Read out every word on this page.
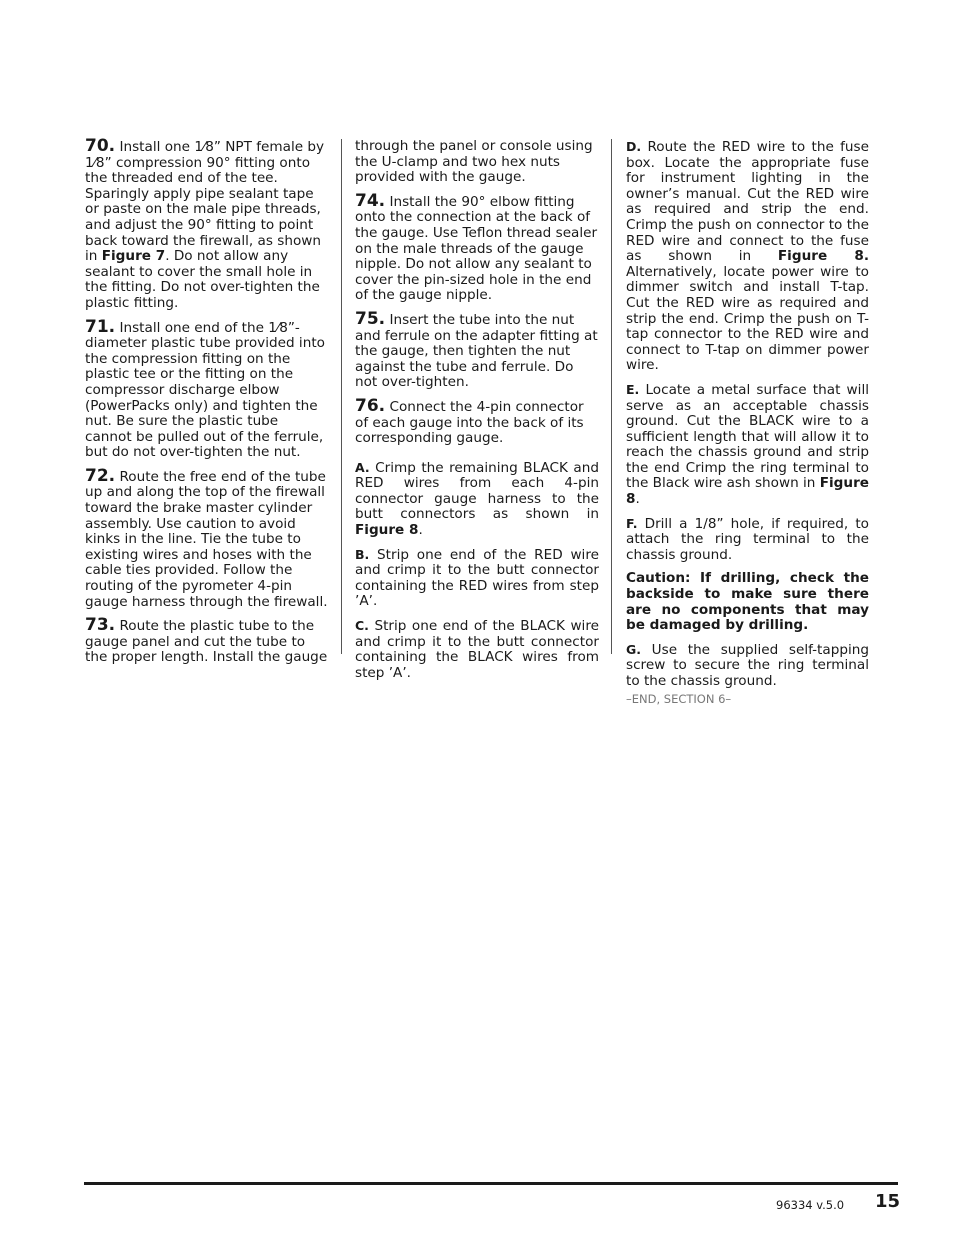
70. Install one 1⁄8” NPT female by 1⁄8” compression 90° fitting onto the threaded end of the tee. Sparingly apply pipe sealant tape or paste on the male pipe threads, and adjust the 90° fitting to point back toward the firewall, as shown in Figure 7. Do not allow any sealant to cover the small hole in the fitting. Do not over-tighten the plastic fitting.

71. Install one end of the 1⁄8”-diameter plastic tube provided into the compression fitting on the plastic tee or the fitting on the compressor discharge elbow (PowerPacks only) and tighten the nut. Be sure the plastic tube cannot be pulled out of the ferrule, but do not over-tighten the nut.

72. Route the free end of the tube up and along the top of the firewall toward the brake master cylinder assembly. Use caution to avoid kinks in the line. Tie the tube to existing wires and hoses with the cable ties provided. Follow the routing of the pyrometer 4-pin gauge harness through the firewall.

73. Route the plastic tube to the gauge panel and cut the tube to the proper length. Install the gauge

through the panel or console using the U-clamp and two hex nuts provided with the gauge.

74. Install the 90° elbow fitting onto the connection at the back of the gauge. Use Teflon thread sealer on the male threads of the gauge nipple. Do not allow any sealant to cover the pin-sized hole in the end of the gauge nipple.

75. Insert the tube into the nut and ferrule on the adapter fitting at the gauge, then tighten the nut against the tube and ferrule. Do not over-tighten.

76. Connect the 4-pin connector of each gauge into the back of its corresponding gauge.

A. Crimp the remaining BLACK and RED wires from each 4-pin connector gauge harness to the butt connectors as shown in Figure 8.

B. Strip one end of the RED wire and crimp it to the butt connector containing the RED wires from step ’A’.

C. Strip one end of the BLACK wire and crimp it to the butt connector containing the BLACK wires from step ’A’.

D. Route the RED wire to the fuse box. Locate the appropriate fuse for instrument lighting in the owner’s manual. Cut the RED wire as required and strip the end. Crimp the push on connector to the RED wire and connect to the fuse as shown in Figure 8. Alternatively, locate power wire to dimmer switch and install T-tap. Cut the RED wire as required and strip the end. Crimp the push on T-tap connector to the RED wire and connect to T-tap on dimmer power wire.

E. Locate a metal surface that will serve as an acceptable chassis ground. Cut the BLACK wire to a sufficient length that will allow it to reach the chassis ground and strip the end Crimp the ring terminal to the Black wire ash shown in Figure 8.

F. Drill a 1/8” hole, if required, to attach the ring terminal to the chassis ground.

Caution: If drilling, check the backside to make sure there are no components that may be damaged by drilling.

G. Use the supplied self-tapping screw to secure the ring terminal to the chassis ground.

–END, SECTION 6–

96334 v.5.0 15
